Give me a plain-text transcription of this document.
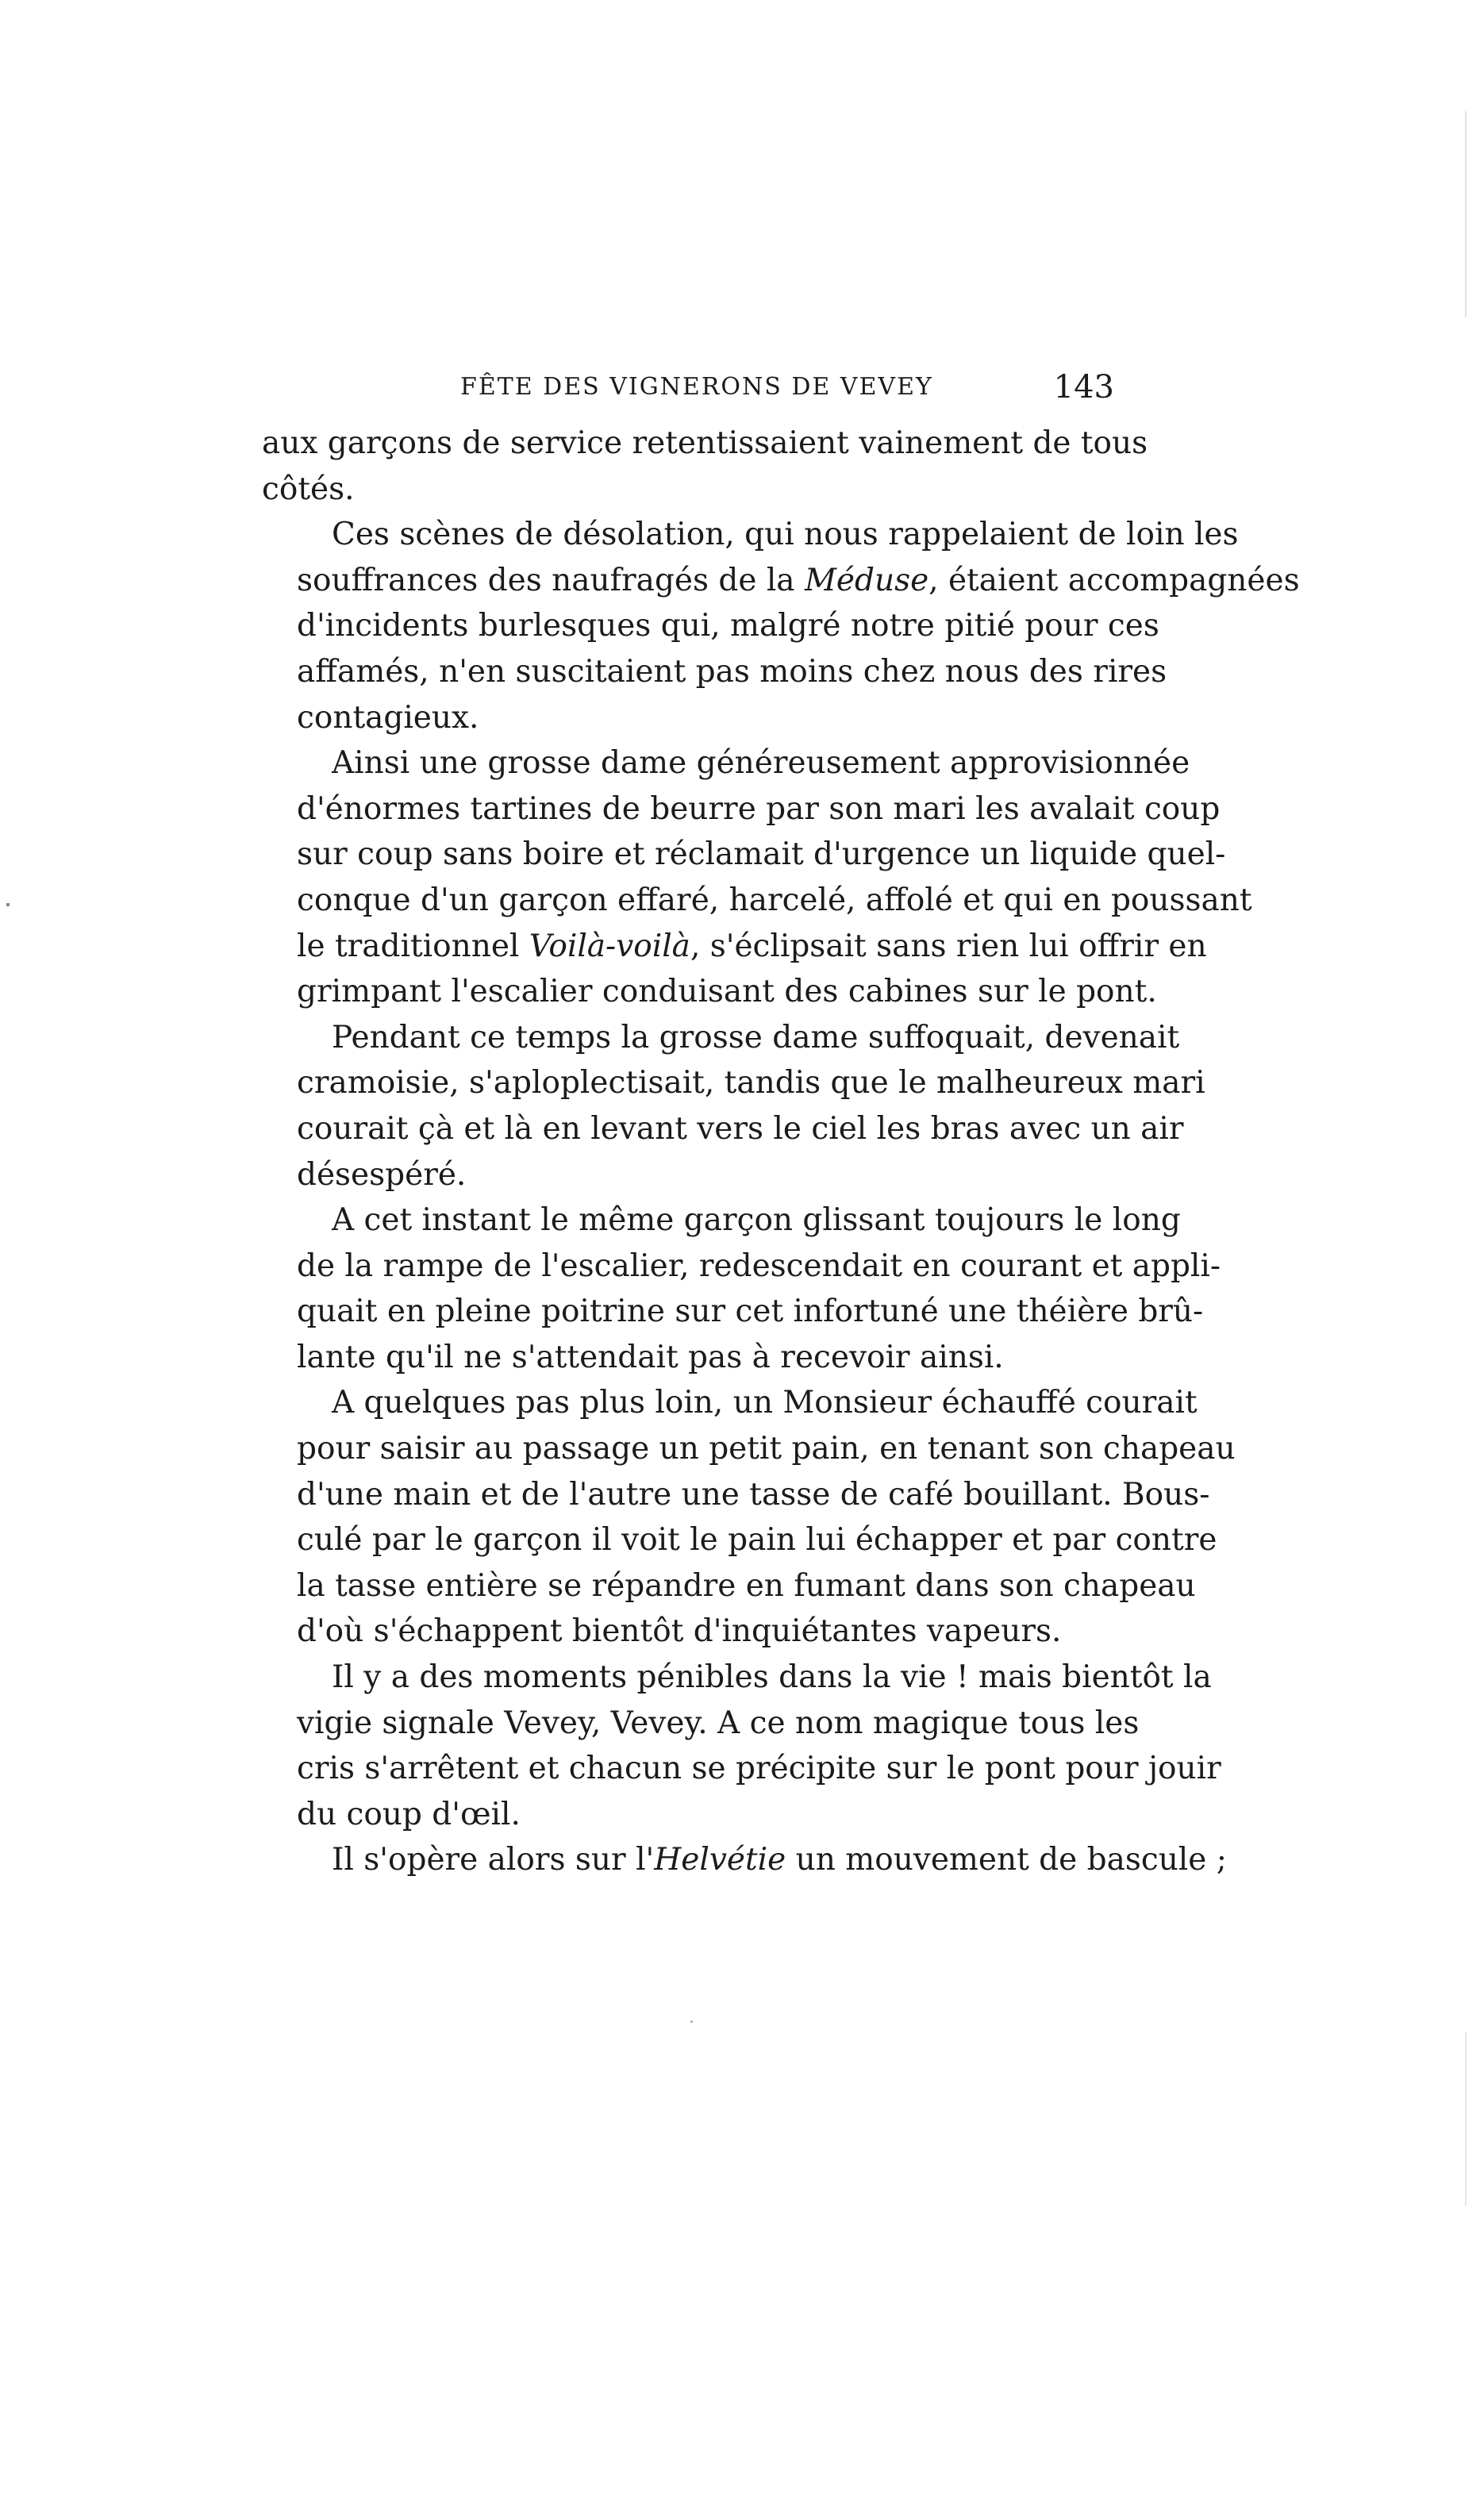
FÊTE DES VIGNERONS DE VEVEY	143

aux garçons de service retentissaient vainement de tous
côtés.

Ces scènes de désolation, qui nous rappelaient de loin les
souffrances des naufragés de la Méduse, étaient accompagnées
d'incidents burlesques qui, malgré notre pitié pour ces
affamés, n'en suscitaient pas moins chez nous des rires
contagieux.

Ainsi une grosse dame généreusement approvisionnée
d'énormes tartines de beurre par son mari les avalait coup
sur coup sans boire et réclamait d'urgence un liquide quel-
conque d'un garçon effaré, harcelé, affolé et qui en poussant
le traditionnel Voilà-voilà, s'éclipsait sans rien lui offrir en
grimpant l'escalier conduisant des cabines sur le pont.

Pendant ce temps la grosse dame suffoquait, devenait
cramoisie, s'aploplectisait, tandis que le malheureux mari
courait çà et là en levant vers le ciel les bras avec un air
désespéré.

A cet instant le même garçon glissant toujours le long
de la rampe de l'escalier, redescendait en courant et appli-
quait en pleine poitrine sur cet infortuné une théière brû-
lante qu'il ne s'attendait pas à recevoir ainsi.

A quelques pas plus loin, un Monsieur échauffé courait
pour saisir au passage un petit pain, en tenant son chapeau
d'une main et de l'autre une tasse de café bouillant. Bous-
culé par le garçon il voit le pain lui échapper et par contre
la tasse entière se répandre en fumant dans son chapeau
d'où s'échappent bientôt d'inquiétantes vapeurs.

Il y a des moments pénibles dans la vie ! mais bientôt la
vigie signale Vevey, Vevey. A ce nom magique tous les
cris s'arrêtent et chacun se précipite sur le pont pour jouir
du coup d'œil.

Il s'opère alors sur l'Helvétie un mouvement de bascule ;
